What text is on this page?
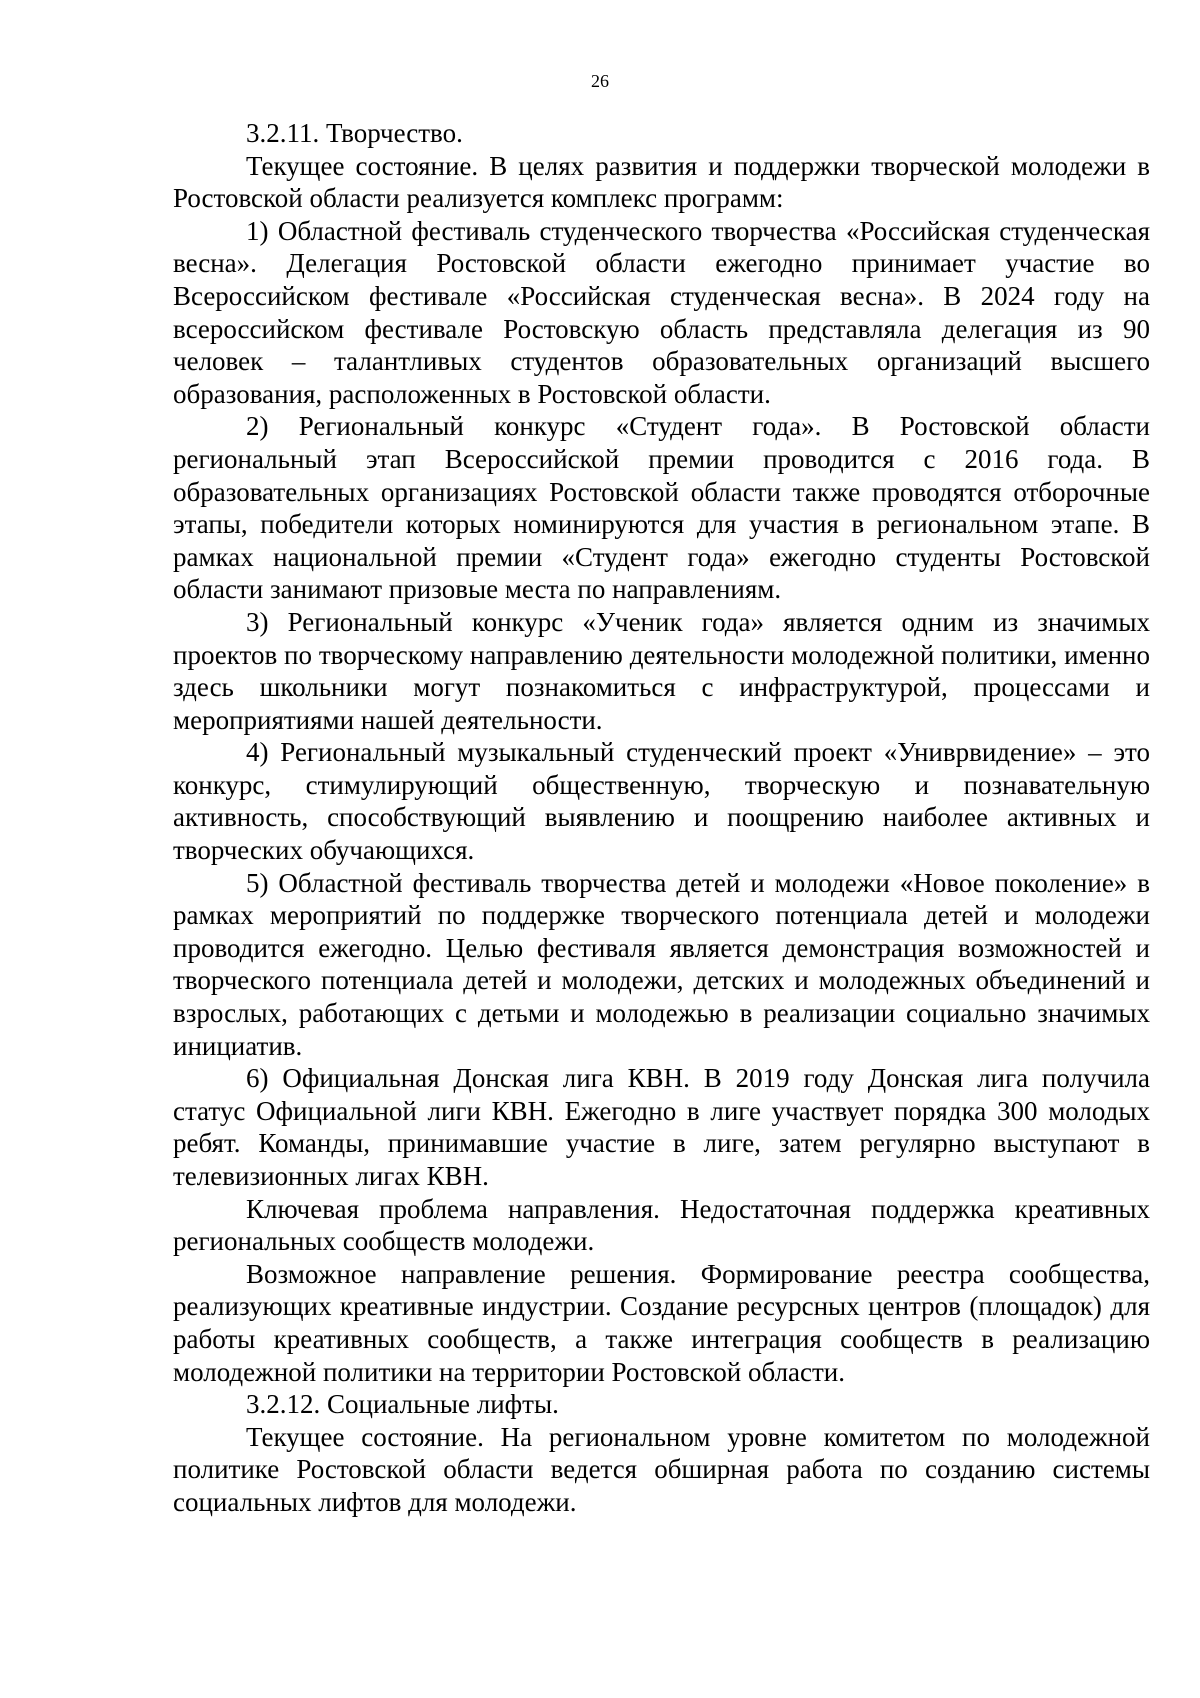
26

3.2.11. Творчество.

Текущее состояние. В целях развития и поддержки творческой молодежи в Ростовской области реализуется комплекс программ:

1) Областной фестиваль студенческого творчества «Российская студенческая весна». Делегация Ростовской области ежегодно принимает участие во Всероссийском фестивале «Российская студенческая весна». В 2024 году на всероссийском фестивале Ростовскую область представляла делегация из 90 человек – талантливых студентов образовательных организаций высшего образования, расположенных в Ростовской области.

2) Региональный конкурс «Студент года». В Ростовской области региональный этап Всероссийской премии проводится с 2016 года. В образовательных организациях Ростовской области также проводятся отборочные этапы, победители которых номинируются для участия в региональном этапе. В рамках национальной премии «Студент года» ежегодно студенты Ростовской области занимают призовые места по направлениям.

3) Региональный конкурс «Ученик года» является одним из значимых проектов по творческому направлению деятельности молодежной политики, именно здесь школьники могут познакомиться с инфраструктурой, процессами и мероприятиями нашей деятельности.

4) Региональный музыкальный студенческий проект «Униврвидение» – это конкурс, стимулирующий общественную, творческую и познавательную активность, способствующий выявлению и поощрению наиболее активных и творческих обучающихся.

5) Областной фестиваль творчества детей и молодежи «Новое поколение» в рамках мероприятий по поддержке творческого потенциала детей и молодежи проводится ежегодно. Целью фестиваля является демонстрация возможностей и творческого потенциала детей и молодежи, детских и молодежных объединений и взрослых, работающих с детьми и молодежью в реализации социально значимых инициатив.

6) Официальная Донская лига КВН. В 2019 году Донская лига получила статус Официальной лиги КВН. Ежегодно в лиге участвует порядка 300 молодых ребят. Команды, принимавшие участие в лиге, затем регулярно выступают в телевизионных лигах КВН.

Ключевая проблема направления. Недостаточная поддержка креативных региональных сообществ молодежи.

Возможное направление решения. Формирование реестра сообщества, реализующих креативные индустрии. Создание ресурсных центров (площадок) для работы креативных сообществ, а также интеграция сообществ в реализацию молодежной политики на территории Ростовской области.

3.2.12. Социальные лифты.

Текущее состояние. На региональном уровне комитетом по молодежной политике Ростовской области ведется обширная работа по созданию системы социальных лифтов для молодежи.
